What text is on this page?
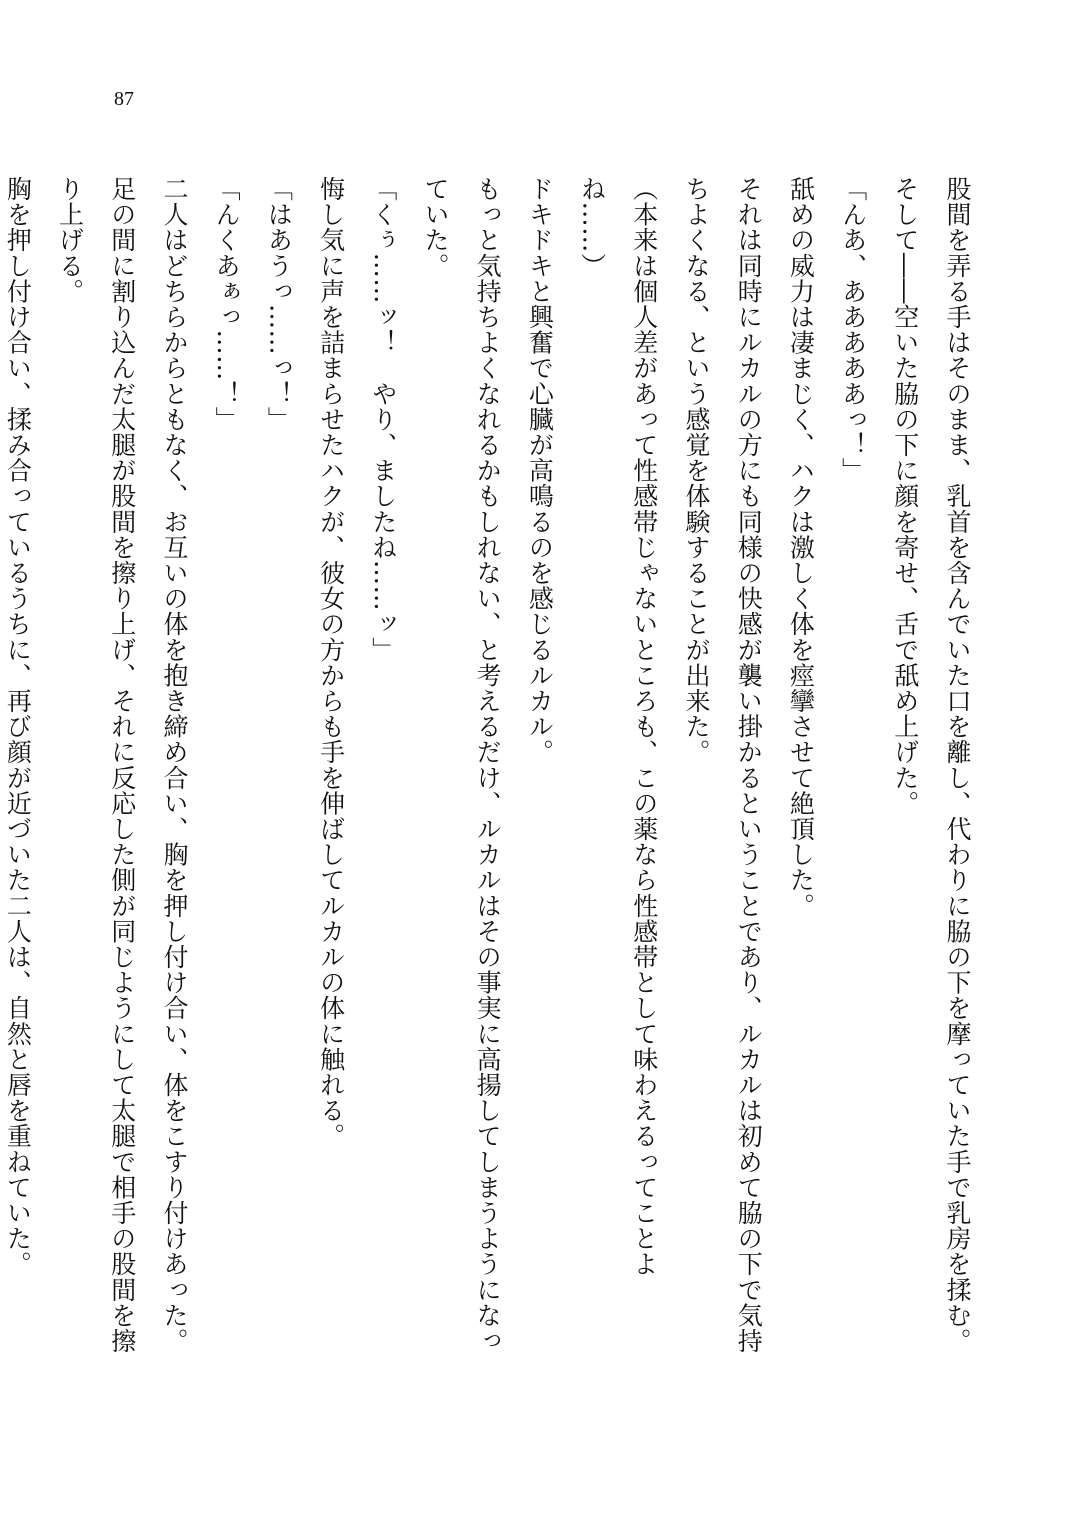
87

股間を弄る手はそのまま、乳首を含んでいた口を離し、代わりに脇の下を摩っていた手で乳房を揉む。

そして――空いた脇の下に顔を寄せ、舌で舐め上げた。

「んあ、あああああっ！」

舐めの威力は凄まじく、ハクは激しく体を痙攣させて絶頂した。

それは同時にルカルの方にも同様の快感が襲い掛かるということであり、ルカルは初めて脇の下で気持ちよくなる、という感覚を体験することが出来た。

（本来は個人差があって性感帯じゃないところも、この薬なら性感帯として味わえるってことよね……）

ドキドキと興奮で心臓が高鳴るのを感じるルカル。

もっと気持ちよくなれるかもしれない、と考えるだけ、ルカルはその事実に高揚してしまうようになっていた。

「くぅ……ッ！　やり、ましたね……ッ」

悔し気に声を詰まらせたハクが、彼女の方からも手を伸ばしてルカルの体に触れる。

「はあうっ……っ！」

「んくあぁっ……！」

二人はどちらからともなく、お互いの体を抱き締め合い、胸を押し付け合い、体をこすり付けあった。

足の間に割り込んだ太腿が股間を擦り上げ、それに反応した側が同じようにして太腿で相手の股間を擦り上げる。

胸を押し付け合い、揉み合っているうちに、再び顔が近づいた二人は、自然と唇を重ねていた。
